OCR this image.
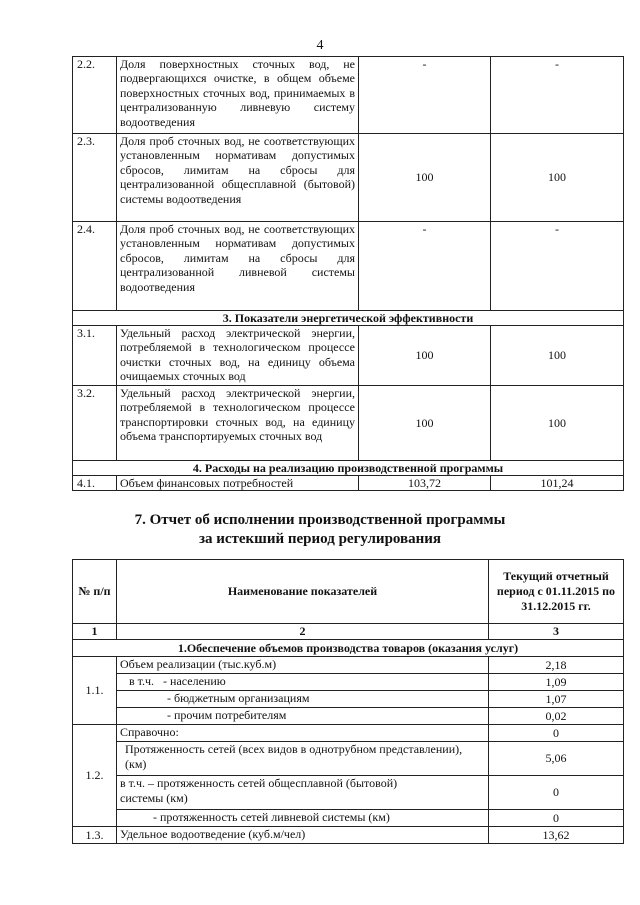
4
2.2.	Доля поверхностных сточных вод, не подвергающихся очистке, в общем объеме поверхностных сточных вод, принимаемых в централизованную ливневую систему водоотведения	-	-
2.3.	Доля проб сточных вод, не соответствующих установленным нормативам допустимых сбросов, лимитам на сбросы для централизованной общесплавной (бытовой) системы водоотведения	100	100
2.4.	Доля проб сточных вод, не соответствующих установленным нормативам допустимых сбросов, лимитам на сбросы для централизованной ливневой системы водоотведения	-	-
3. Показатели энергетической эффективности			
3.1.	Удельный расход электрической энергии, потребляемой в технологическом процессе очистки сточных вод, на единицу объема очищаемых сточных вод	100	100
3.2.	Удельный расход электрической энергии, потребляемой в технологическом процессе транспортировки сточных вод, на единицу объема транспортируемых сточных вод	100	100
4. Расходы на реализацию производственной программы			
4.1.	Объем финансовых потребностей	103,72	101,24
7. Отчет об исполнении производственной программы
за истекший период регулирования
№ п/п	Наименование показателей	Текущий отчетный период с 01.11.2015 по 31.12.2015 гг.
1	2	3
1.Обеспечение объемов производства товаров (оказания услуг)		
1.1.	Объем реализации (тыс.куб.м)	2,18
	в т.ч.   - населению	1,09
	- бюджетным организациям	1,07
	- прочим потребителям	0,02
1.2.	Справочно:	0
	Протяженность сетей (всех видов в однотрубном представлении), (км)	5,06
	в т.ч. – протяженность сетей общесплавной (бытовой) системы (км)	0
	- протяженность сетей ливневой системы (км)	0
1.3.	Удельное водоотведение (куб.м/чел)	13,62
